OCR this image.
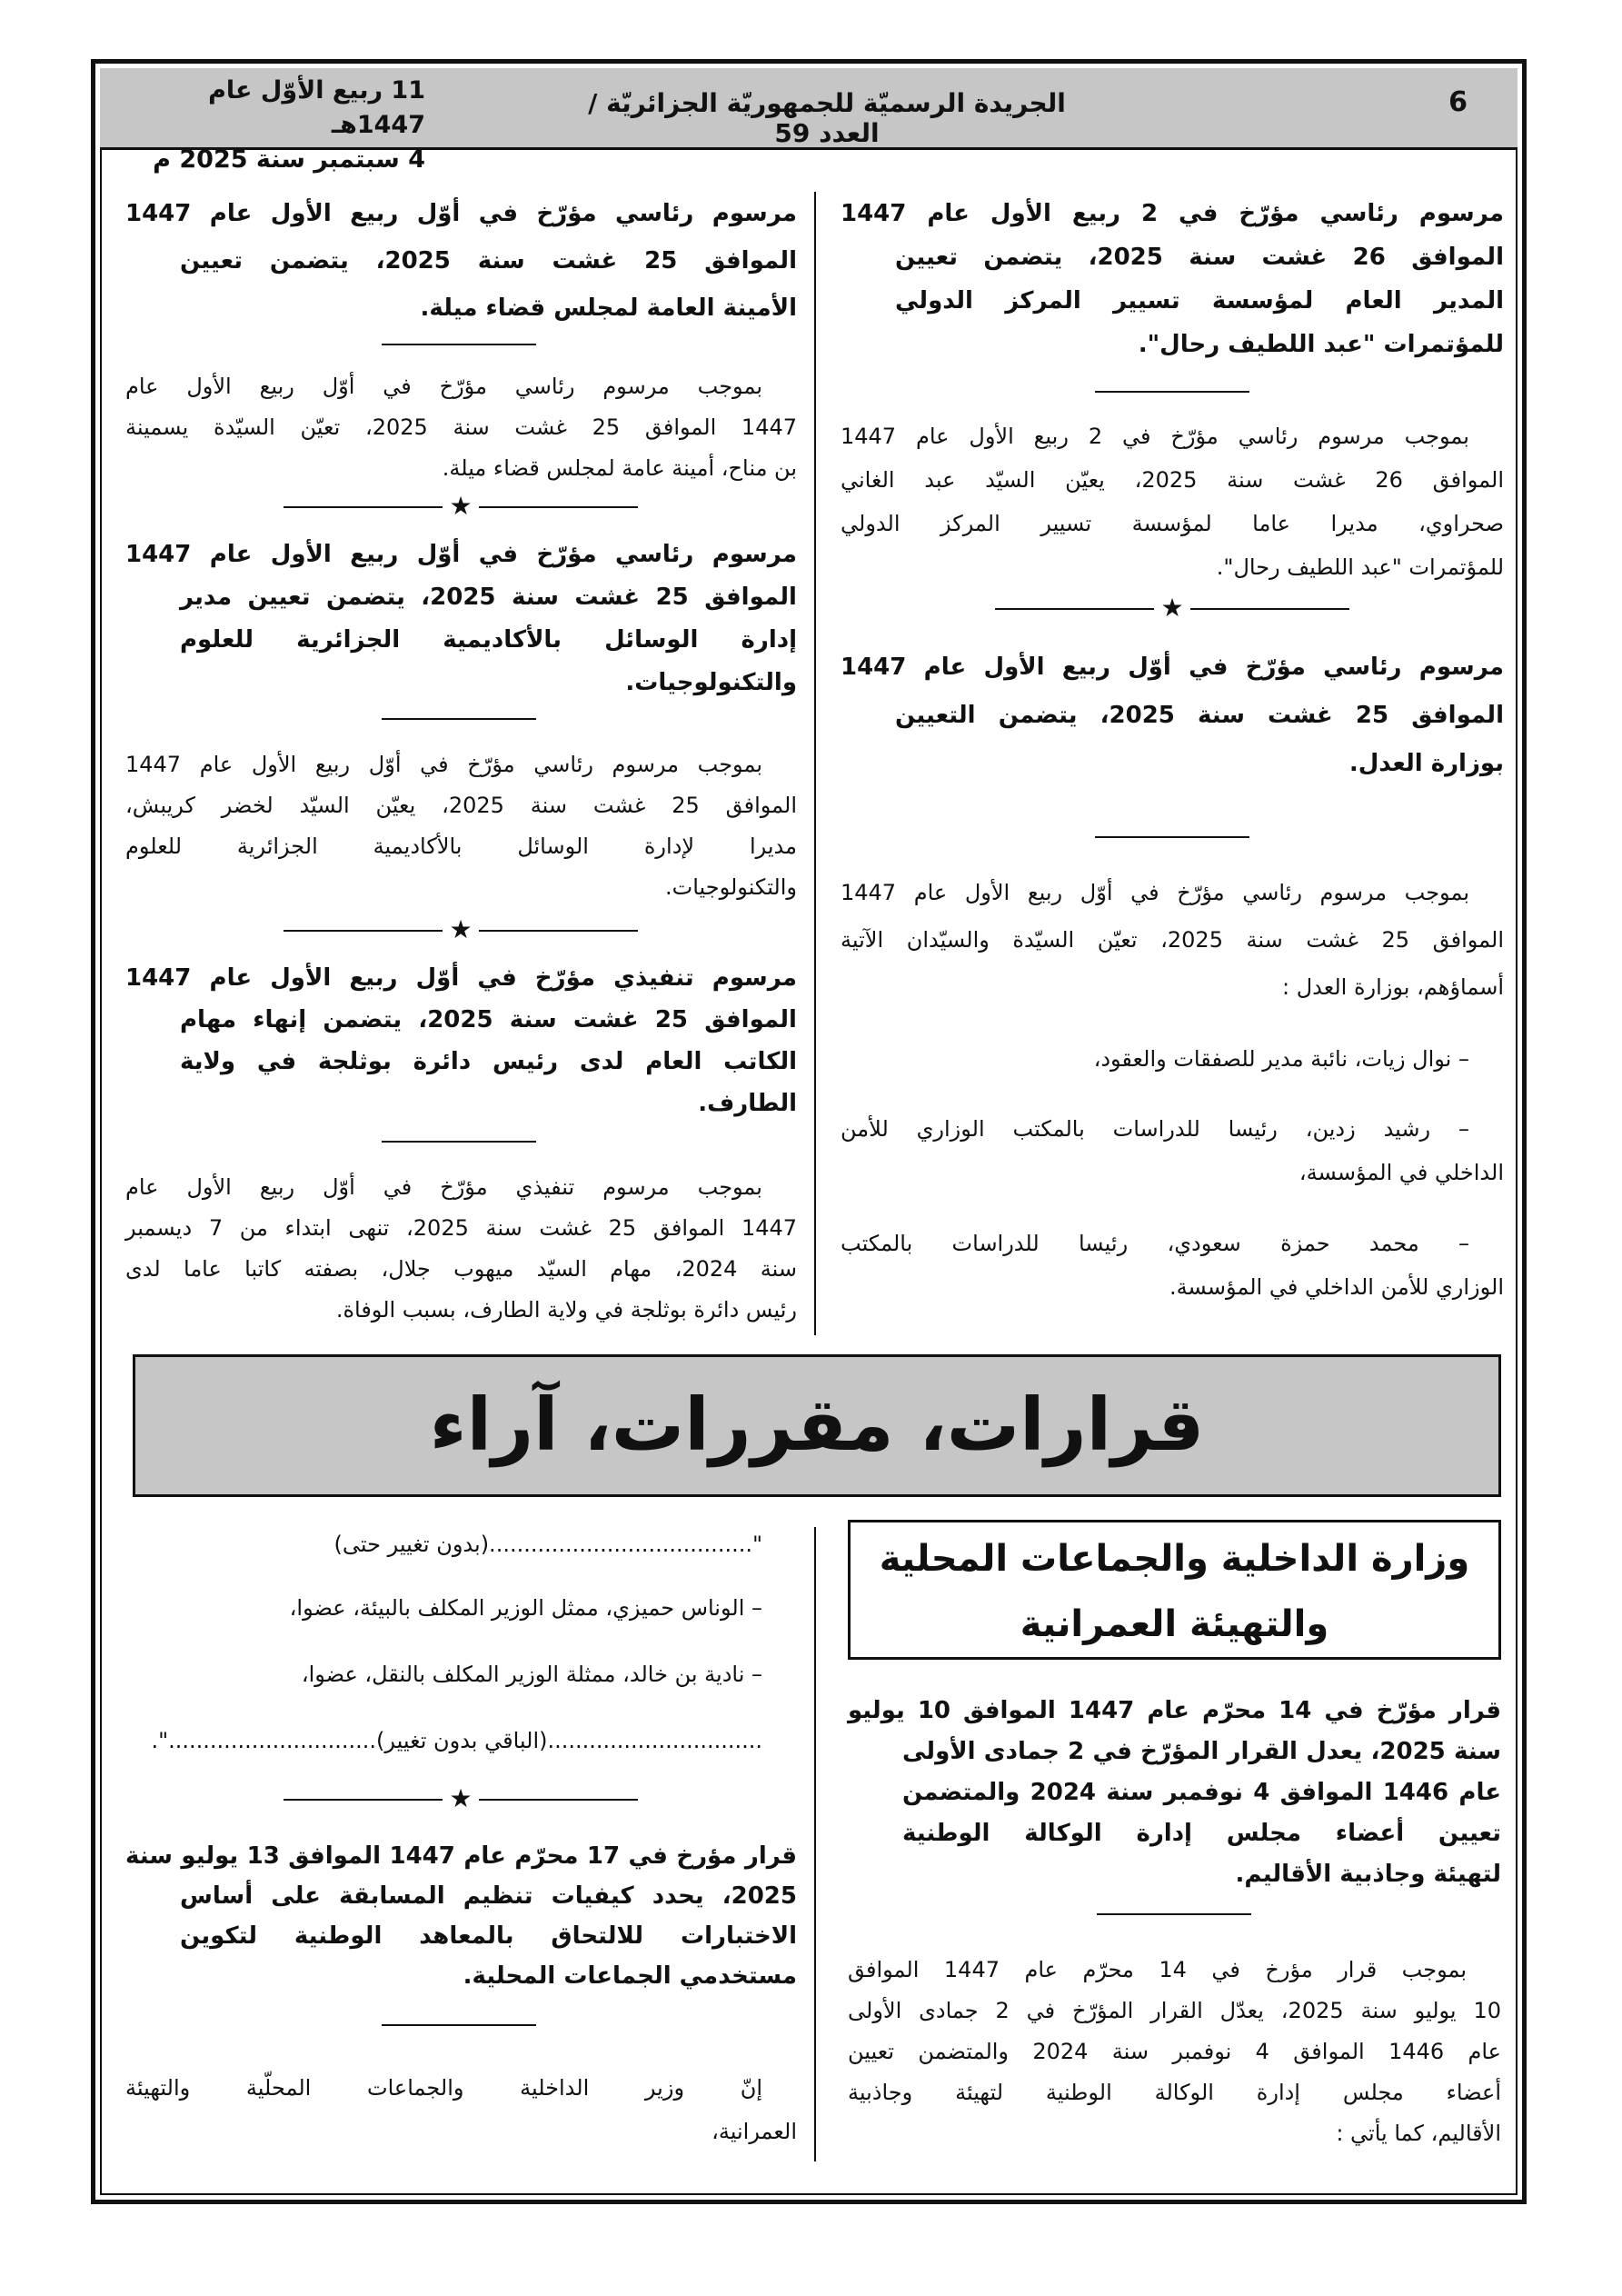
6
الجريدة الرسميّة للجمهوريّة الجزائريّة / العدد 59
11 ربيع الأوّل عام 1447هـ
4 سبتمبر سنة 2025 م
مرسوم رئاسي مؤرّخ في 2 ربيع الأول عام 1447
الموافق 26 غشت سنة 2025، يتضمن تعيين
المدير العام لمؤسسة تسيير المركز الدولي
للمؤتمرات "عبد اللطيف رحال".
بموجب مرسوم رئاسي مؤرّخ في 2 ربيع الأول عام 1447
الموافق 26 غشت سنة 2025، يعيّن السيّد عبد الغاني
صحراوي، مديرا عاما لمؤسسة تسيير المركز الدولي
للمؤتمرات "عبد اللطيف رحال".
★
مرسوم رئاسي مؤرّخ في أوّل ربيع الأول عام 1447
الموافق 25 غشت سنة 2025، يتضمن التعيين
بوزارة العدل.
بموجب مرسوم رئاسي مؤرّخ في أوّل ربيع الأول عام 1447
الموافق 25 غشت سنة 2025، تعيّن السيّدة والسيّدان الآتية
أسماؤهم، بوزارة العدل :
– نوال زيات، نائبة مدير للصفقات والعقود،
– رشيد زدين، رئيسا للدراسات بالمكتب الوزاري للأمن
الداخلي في المؤسسة،
– محمد حمزة سعودي، رئيسا للدراسات بالمكتب
الوزاري للأمن الداخلي في المؤسسة.
مرسوم رئاسي مؤرّخ في أوّل ربيع الأول عام 1447
الموافق 25 غشت سنة 2025، يتضمن تعيين
الأمينة العامة لمجلس قضاء ميلة.
بموجب مرسوم رئاسي مؤرّخ في أوّل ربيع الأول عام
1447 الموافق 25 غشت سنة 2025، تعيّن السيّدة يسمينة
بن مناح، أمينة عامة لمجلس قضاء ميلة.
★
مرسوم رئاسي مؤرّخ في أوّل ربيع الأول عام 1447
الموافق 25 غشت سنة 2025، يتضمن تعيين مدير
إدارة الوسائل بالأكاديمية الجزائرية للعلوم
والتكنولوجيات.
بموجب مرسوم رئاسي مؤرّخ في أوّل ربيع الأول عام 1447
الموافق 25 غشت سنة 2025، يعيّن السيّد لخضر كريبش،
مديرا لإدارة الوسائل بالأكاديمية الجزائرية للعلوم
والتكنولوجيات.
★
مرسوم تنفيذي مؤرّخ في أوّل ربيع الأول عام 1447
الموافق 25 غشت سنة 2025، يتضمن إنهاء مهام
الكاتب العام لدى رئيس دائرة بوثلجة في ولاية
الطارف.
بموجب مرسوم تنفيذي مؤرّخ في أوّل ربيع الأول عام
1447 الموافق 25 غشت سنة 2025، تنهى ابتداء من 7 ديسمبر
سنة 2024، مهام السيّد ميهوب جلال، بصفته كاتبا عاما لدى
رئيس دائرة بوثلجة في ولاية الطارف، بسبب الوفاة.
قرارات، مقررات، آراء
وزارة الداخلية والجماعات المحلية
والتهيئة العمرانية
قرار مؤرّخ في 14 محرّم عام 1447 الموافق 10 يوليو
سنة 2025، يعدل القرار المؤرّخ في 2 جمادى الأولى
عام 1446 الموافق 4 نوفمبر سنة 2024 والمتضمن
تعيين أعضاء مجلس إدارة الوكالة الوطنية
لتهيئة وجاذبية الأقاليم.
بموجب قرار مؤرخ في 14 محرّم عام 1447 الموافق
10 يوليو سنة 2025، يعدّل القرار المؤرّخ في 2 جمادى الأولى
عام 1446 الموافق 4 نوفمبر سنة 2024 والمتضمن تعيين
أعضاء مجلس إدارة الوكالة الوطنية لتهيئة وجاذبية
الأقاليم، كما يأتي :
"......................................(بدون تغيير حتى)
– الوناس حميزي، ممثل الوزير المكلف بالبيئة، عضوا،
– نادية بن خالد، ممثلة الوزير المكلف بالنقل، عضوا،
...............................(الباقي بدون تغيير)..............................".
★
قرار مؤرخ في 17 محرّم عام 1447 الموافق 13 يوليو سنة
2025، يحدد كيفيات تنظيم المسابقة على أساس
الاختبارات للالتحاق بالمعاهد الوطنية لتكوين
مستخدمي الجماعات المحلية.
إنّ وزير الداخلية والجماعات المحلّية والتهيئة
العمرانية،
